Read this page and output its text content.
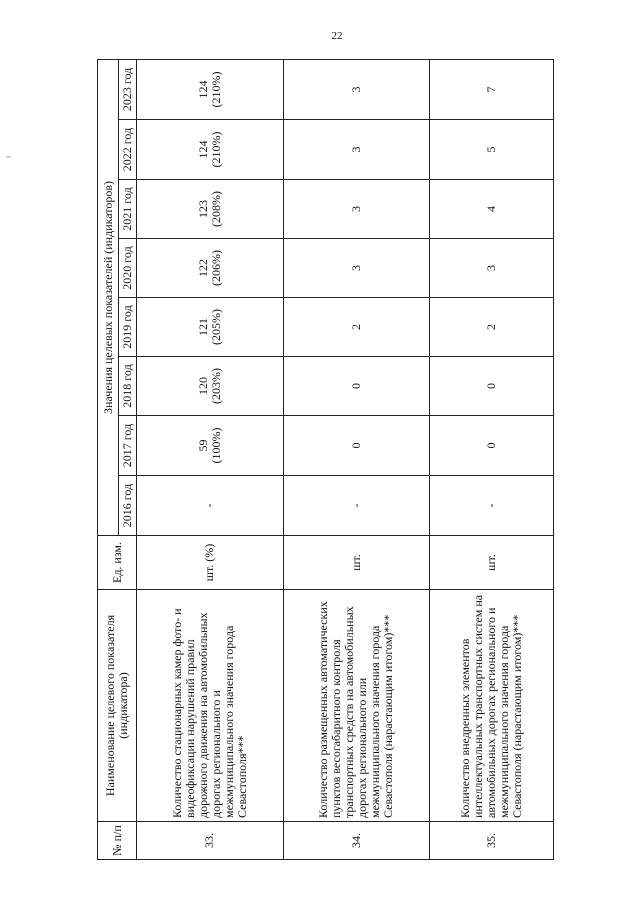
22
~
№ п/п	Наименование целевого показателя (индикатора)	Ед. изм.	Значения целевых показателей (индикаторов)							
			2016 год	2017 год	2018 год	2019 год	2020 год	2021 год	2022 год	2023 год
33.	Количество стационарных камер фото- и видеофиксации нарушений правил дорожного движения на автомобильных дорогах регионального и межмуниципального значения города Севастополя***	шт. (%)	-	59 (100%)	120 (203%)	121 (205%)	122 (206%)	123 (208%)	124 (210%)	124 (210%)

34.	Количество размещенных автоматических пунктов весогабаритного контроля транспортных средств на автомобильных дорогах регионального или межмуниципального значения города Севастополя (нарастающим итогом)***	шт.	-	0	0	2	3	3	3	3

35.	Количество внедренных элементов интеллектуальных транспортных систем на автомобильных дорогах регионального и межмуниципального значения города Севастополя (нарастающим итогом)***	шт.	-	0	0	2	3	4	5	7
